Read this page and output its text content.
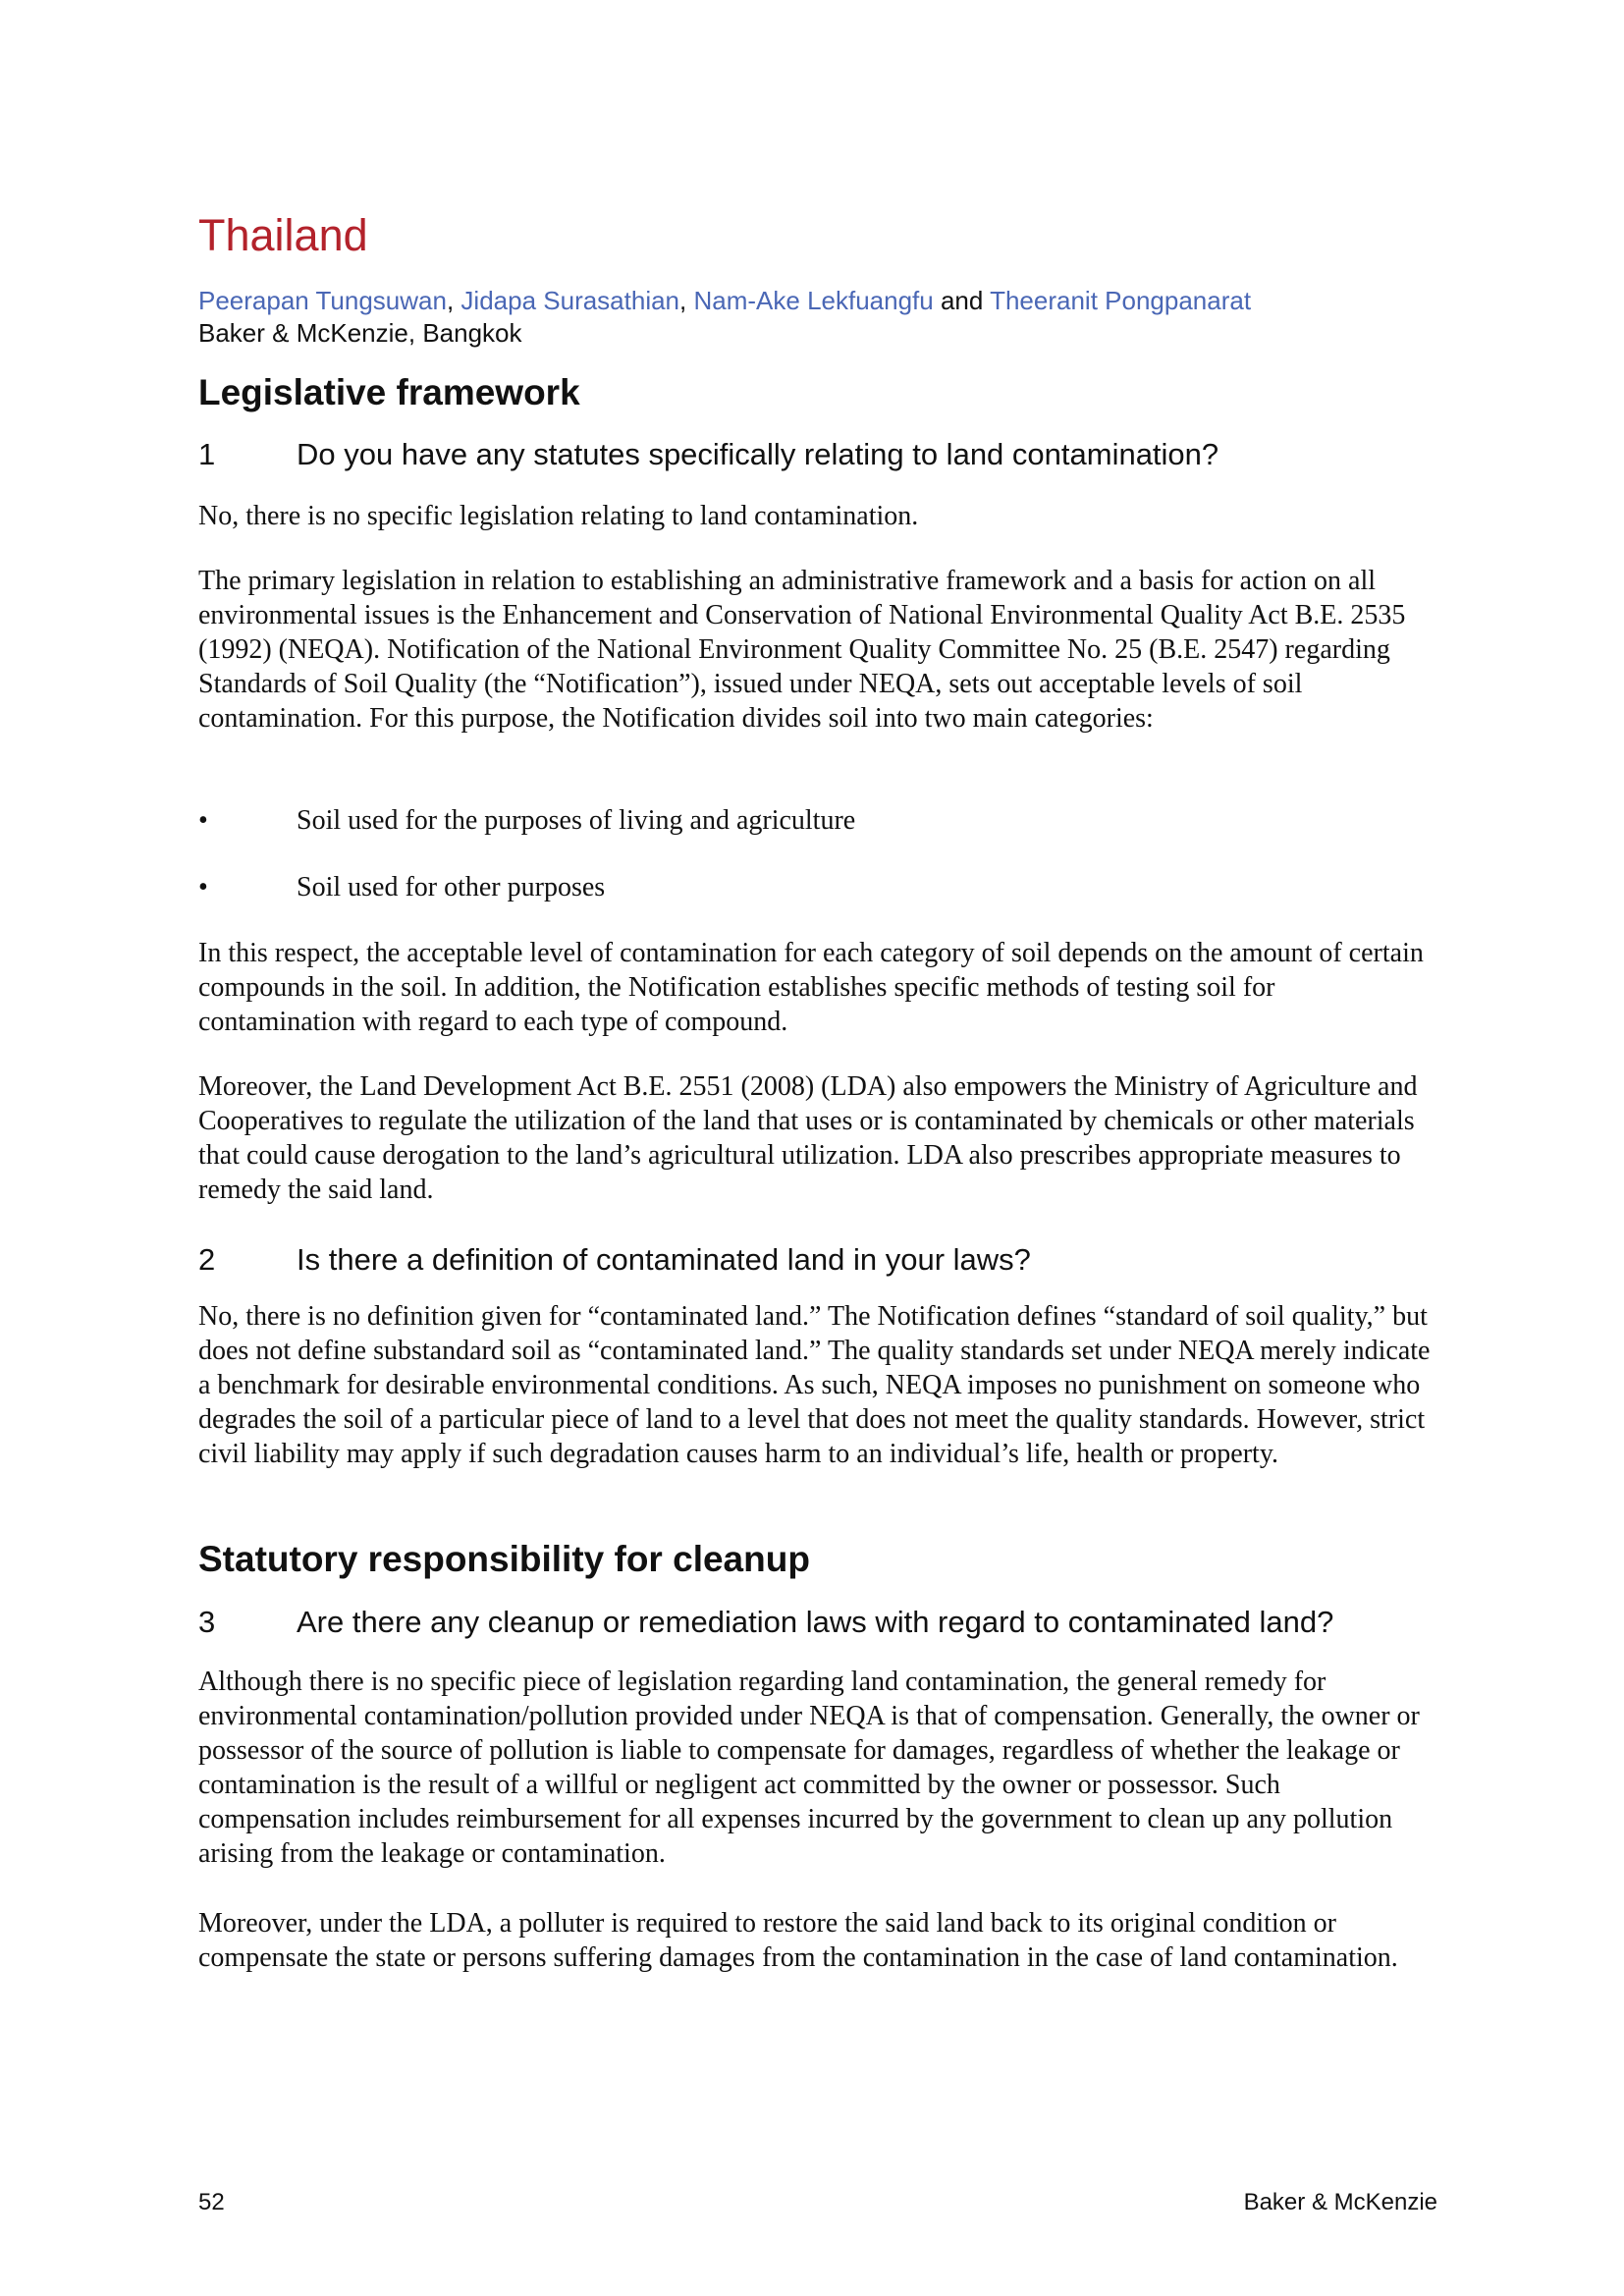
Thailand
Peerapan Tungsuwan, Jidapa Surasathian, Nam-Ake Lekfuangfu and Theeranit Pongpanarat
Baker & McKenzie, Bangkok
Legislative framework
1	Do you have any statutes specifically relating to land contamination?

No, there is no specific legislation relating to land contamination.

The primary legislation in relation to establishing an administrative framework and a basis for action on all environmental issues is the Enhancement and Conservation of National Environmental Quality Act B.E. 2535 (1992) (NEQA). Notification of the National Environment Quality Committee No. 25 (B.E. 2547) regarding Standards of Soil Quality (the “Notification”), issued under NEQA, sets out acceptable levels of soil contamination. For this purpose, the Notification divides soil into two main categories:

•	Soil used for the purposes of living and agriculture
•	Soil used for other purposes

In this respect, the acceptable level of contamination for each category of soil depends on the amount of certain compounds in the soil. In addition, the Notification establishes specific methods of testing soil for contamination with regard to each type of compound.

Moreover, the Land Development Act B.E. 2551 (2008) (LDA) also empowers the Ministry of Agriculture and Cooperatives to regulate the utilization of the land that uses or is contaminated by chemicals or other materials that could cause derogation to the land’s agricultural utilization. LDA also prescribes appropriate measures to remedy the said land.

2	Is there a definition of contaminated land in your laws?

No, there is no definition given for “contaminated land.” The Notification defines “standard of soil quality,” but does not define substandard soil as “contaminated land.” The quality standards set under NEQA merely indicate a benchmark for desirable environmental conditions. As such, NEQA imposes no punishment on someone who degrades the soil of a particular piece of land to a level that does not meet the quality standards. However, strict civil liability may apply if such degradation causes harm to an individual’s life, health or property.

Statutory responsibility for cleanup
3	Are there any cleanup or remediation laws with regard to contaminated land?

Although there is no specific piece of legislation regarding land contamination, the general remedy for environmental contamination/pollution provided under NEQA is that of compensation. Generally, the owner or possessor of the source of pollution is liable to compensate for damages, regardless of whether the leakage or contamination is the result of a willful or negligent act committed by the owner or possessor. Such compensation includes reimbursement for all expenses incurred by the government to clean up any pollution arising from the leakage or contamination.

Moreover, under the LDA, a polluter is required to restore the said land back to its original condition or compensate the state or persons suffering damages from the contamination in the case of land contamination.

52	Baker & McKenzie
